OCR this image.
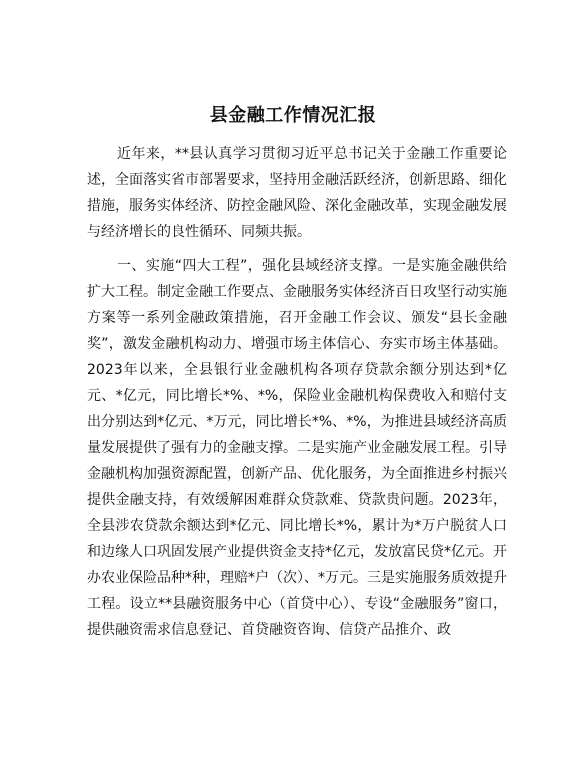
县金融工作情况汇报

近年来，**县认真学习贯彻习近平总书记关于金融工作重要论述，全面落实省市部署要求，坚持用金融活跃经济，创新思路、细化措施，服务实体经济、防控金融风险、深化金融改革，实现金融发展与经济增长的良性循环、同频共振。

一、实施“四大工程”，强化县域经济支撑。一是实施金融供给扩大工程。制定金融工作要点、金融服务实体经济百日攻坚行动实施方案等一系列金融政策措施，召开金融工作会议、颁发“县长金融奖”，激发金融机构动力、增强市场主体信心、夯实市场主体基础。2023年以来，全县银行业金融机构各项存贷款余额分别达到*亿元、*亿元，同比增长*%、*%，保险业金融机构保费收入和赔付支出分别达到*亿元、*万元，同比增长*%、*%，为推进县域经济高质量发展提供了强有力的金融支撑。二是实施产业金融发展工程。引导金融机构加强资源配置，创新产品、优化服务，为全面推进乡村振兴提供金融支持，有效缓解困难群众贷款难、贷款贵问题。2023年，全县涉农贷款余额达到*亿元、同比增长*%，累计为*万户脱贫人口和边缘人口巩固发展产业提供资金支持*亿元，发放富民贷*亿元。开办农业保险品种*种，理赔*户（次）、*万元。三是实施服务质效提升工程。设立**县融资服务中心（首贷中心）、专设“金融服务”窗口，提供融资需求信息登记、首贷融资咨询、信贷产品推介、政
